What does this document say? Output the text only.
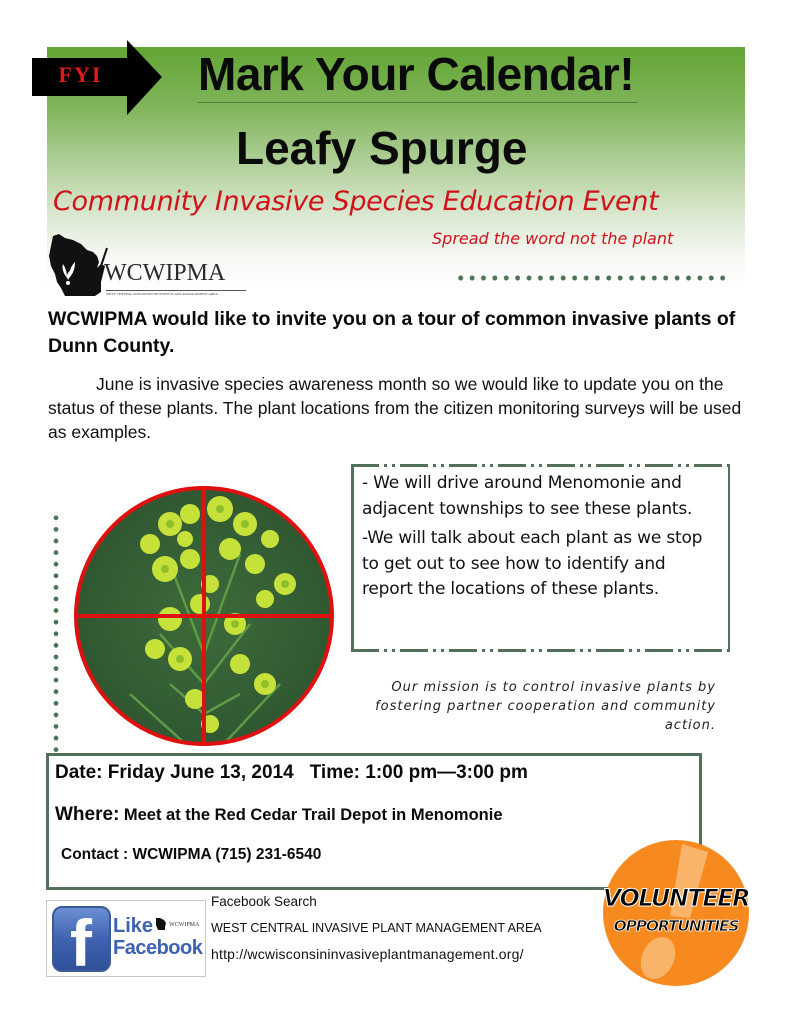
FYI	Mark Your Calendar!
Leafy Spurge
Community Invasive Species Education Event
Spread the word not the plant
WCWIPMA
WEST CENTRAL WISCONSIN INVASIVE PLANT MANAGEMENT AREA
WCWIPMA would like to invite you on a tour of common invasive plants of Dunn County.
June is invasive species awareness month so we would like to update you on the status of these plants. The plant locations from the citizen monitoring surveys will be used as examples.

- We will drive around Menomonie and adjacent townships to see these plants.

-We will talk about each plant as we stop to get out to see how to identify and report the locations of these plants.

Our mission is to control invasive plants by fostering partner cooperation and community action.
Date: Friday June 13, 2014 Time: 1:00 pm—3:00 pm
Where: Meet at the Red Cedar Trail Depot in Menomonie
Contact : WCWIPMA (715) 231-6540
f Like	WCWIPMA
Facebook
Facebook Search
WEST CENTRAL INVASIVE PLANT MANAGEMENT AREA
http://wcwisconsininvasiveplantmanagement.org/
VOLUNTEER
OPPORTUNITIES
